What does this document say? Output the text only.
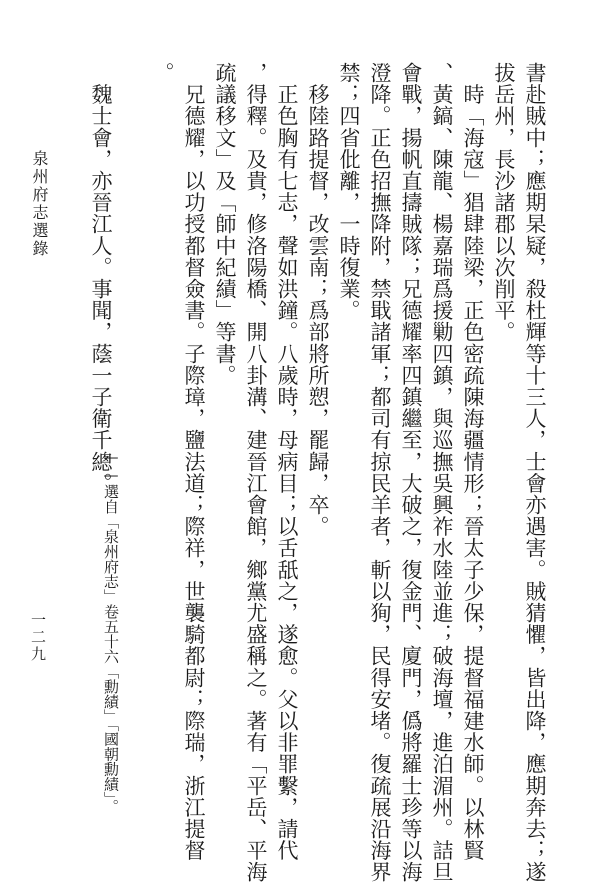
書赴賊中；應期杲疑，殺杜輝等十三人，士會亦遇害。賊猜懼，皆出降，應期奔去；遂
拔岳州，長沙諸郡以次削平。
　時「海寇」猖肆陸梁，正色密疏陳海疆情形；晉太子少保，提督福建水師。以林賢
、黃鎬、陳龍、楊嘉瑞爲援勦四鎮，與巡撫吳興祚水陸並進；破海壇，進泊湄州。詰旦
會戰，揚帆直擣賊隊；兄德耀率四鎮繼至，大破之，復金門、廈門，僞將羅士珍等以海
澄降。正色招撫降附，禁戢諸軍；都司有掠民羊者，斬以狥，民得安堵。復疏展沿海界
禁；四省仳離，一時復業。
　移陸路提督，改雲南；爲部將所愬，罷歸，卒。
　正色胸有七志，聲如洪鐘。八歲時，母病目；以舌舐之，遂愈。父以非罪繫，請代
，得釋。及貴，修洛陽橋、開八卦溝、建晉江會館，鄉黨尤盛稱之。著有「平岳、平海
疏議移文」及「師中紀績」等書。
　兄德耀，以功授都督僉書。子際璋，鹽法道；際祥，世襲騎都尉；際瑞，浙江提督
。
　魏士會，亦晉江人。事聞，蔭一子衛千總。
——選自「泉州府志」卷五十六「勳績」「國朝勳績」。
泉州府志選錄
一二九
